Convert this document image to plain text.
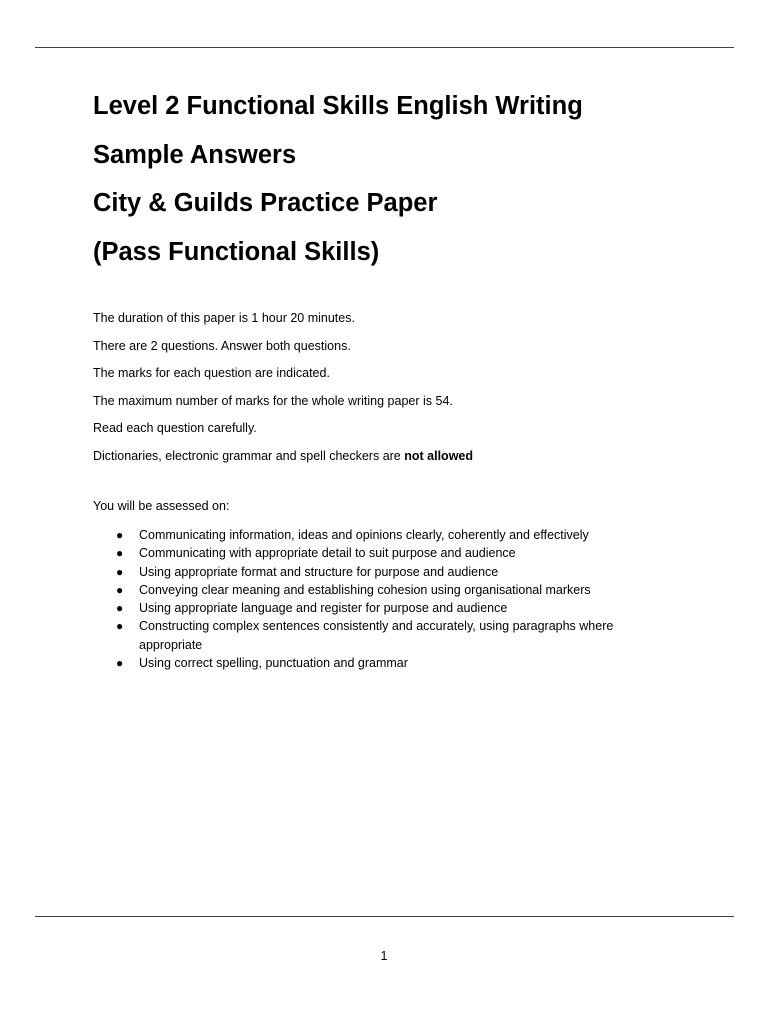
Level 2 Functional Skills English Writing

Sample Answers

City & Guilds Practice Paper

(Pass Functional Skills)

The duration of this paper is 1 hour 20 minutes.

There are 2 questions. Answer both questions.

The marks for each question are indicated.

The maximum number of marks for the whole writing paper is 54.

Read each question carefully.

Dictionaries, electronic grammar and spell checkers are not allowed

You will be assessed on:

● Communicating information, ideas and opinions clearly, coherently and effectively
● Communicating with appropriate detail to suit purpose and audience
● Using appropriate format and structure for purpose and audience
● Conveying clear meaning and establishing cohesion using organisational markers
● Using appropriate language and register for purpose and audience
● Constructing complex sentences consistently and accurately, using paragraphs where appropriate
● Using correct spelling, punctuation and grammar
1
